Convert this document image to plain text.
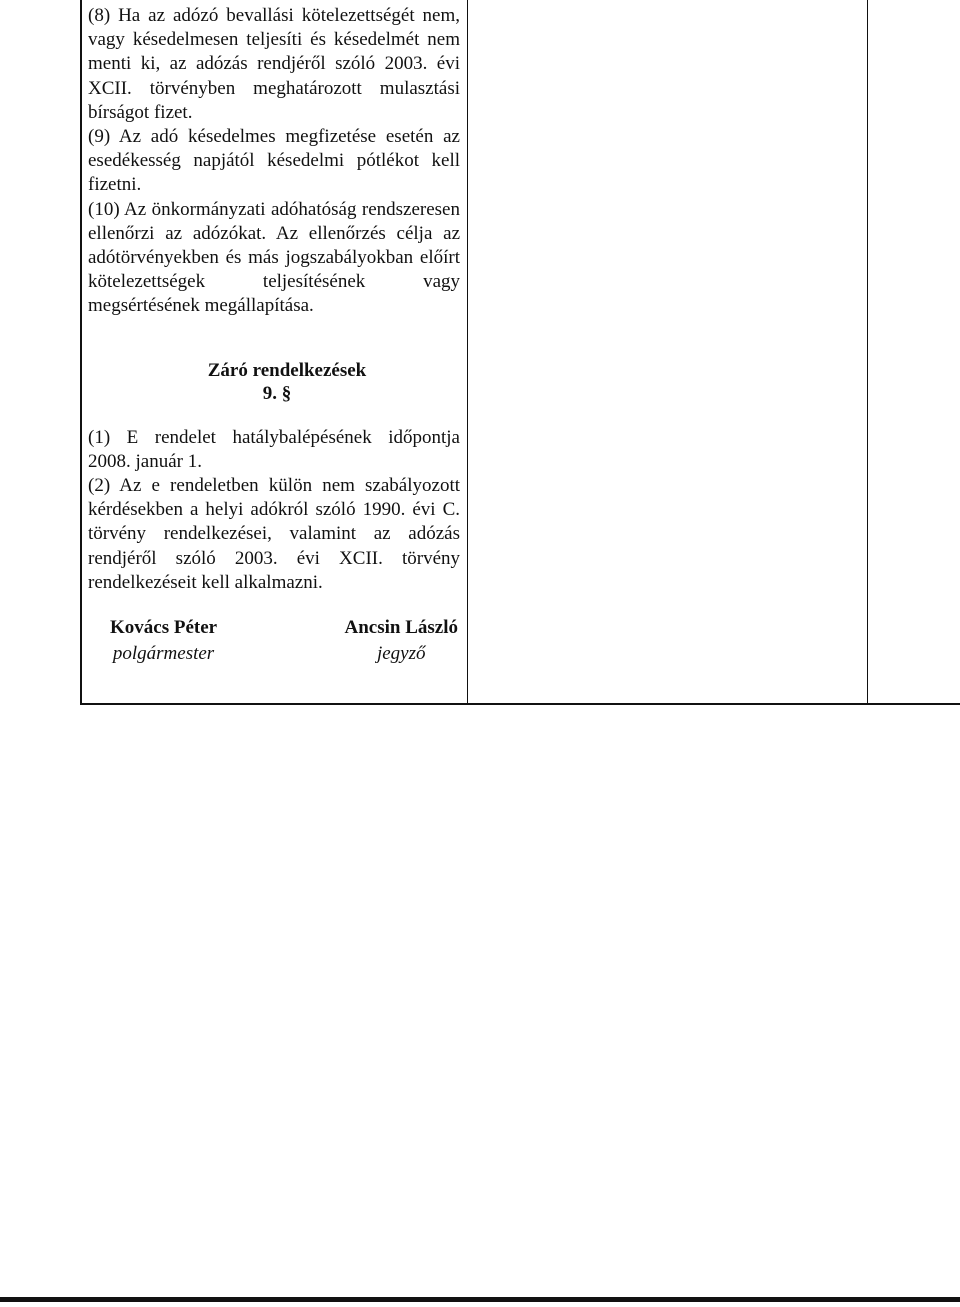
(8) Ha az adózó bevallási kötelezettségét nem, vagy késedelmesen teljesíti és késedelmét nem menti ki, az adózás rendjéről szóló 2003. évi XCII. törvényben meghatározott mulasztási bírságot fizet.

(9) Az adó késedelmes megfizetése esetén az esedékesség napjától késedelmi pótlékot kell fizetni.

(10) Az önkormányzati adóhatóság rendszeresen ellenőrzi az adózókat. Az ellenőrzés célja az adótörvényekben és más jogszabályokban előírt kötelezettségek teljesítésének vagy megsértésének megállapítása.

Záró rendelkezések
9. §

(1) E rendelet hatálybalépésének időpontja 2008. január 1.

(2) Az e rendeletben külön nem szabályozott kérdésekben a helyi adókról szóló 1990. évi C. törvény rendelkezései, valamint az adózás rendjéről szóló 2003. évi XCII. törvény rendelkezéseit kell alkalmazni.

Kovács Péter
polgármester
Ancsin László
jegyző
